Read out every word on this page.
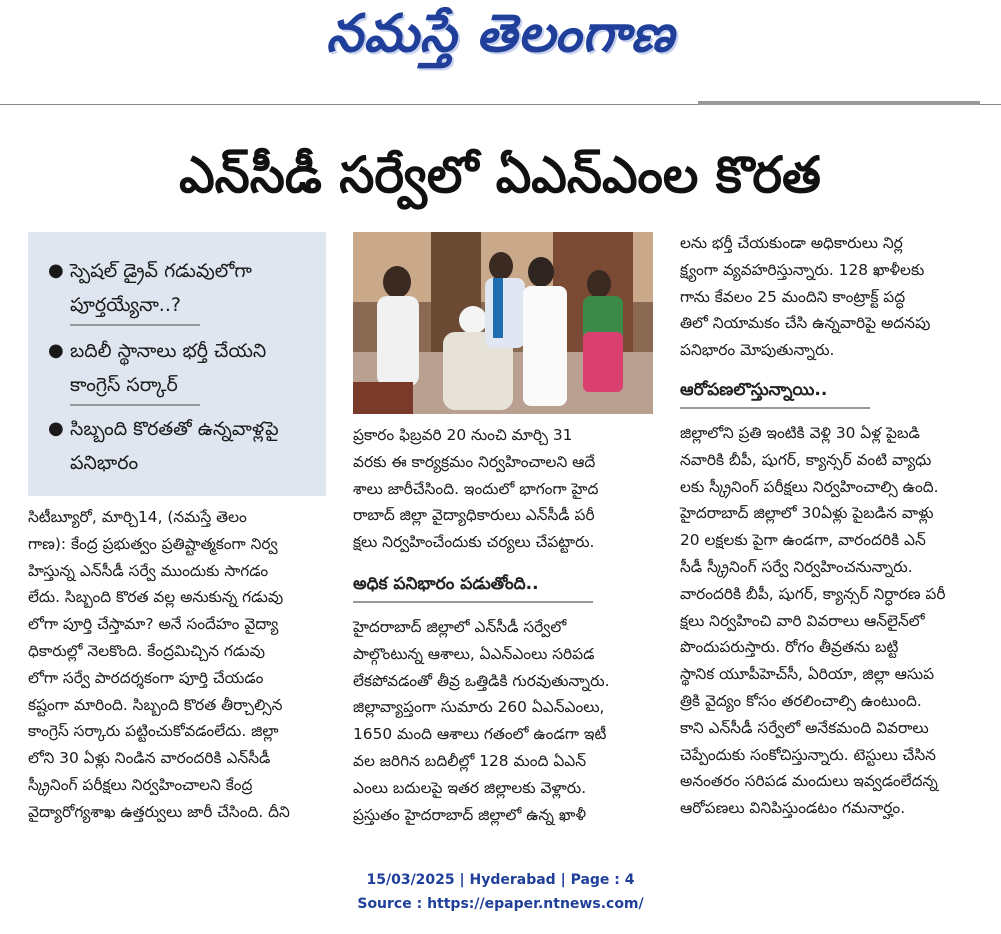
నమస్తే తెలంగాణ
ఎన్‌సీడీ సర్వేలో ఏఎన్‌ఎంల కొరత
● స్పెషల్ డ్రైవ్ గడువులోగా పూర్తయ్యేనా..?
● బదిలీ స్థానాలు భర్తీ చేయని కాంగ్రెస్ సర్కార్
● సిబ్బంది కొరతతో ఉన్నవాళ్లపై పనిభారం

సిటీబ్యూరో, మార్చి14, (నమస్తే తెలం

గాణ): కేంద్ర ప్రభుత్వం ప్రతిష్టాత్మకంగా నిర్వ

హిస్తున్న ఎన్‌సీడీ సర్వే ముందుకు సాగడం

లేదు. సిబ్బంది కొరత వల్ల అనుకున్న గడువు

లోగా పూర్తి చేస్తామా? అనే సందేహం వైద్యా

ధికారుల్లో నెలకొంది. కేంద్రమిచ్చిన గడువు

లోగా సర్వే పారదర్శకంగా పూర్తి చేయడం

కష్టంగా మారింది. సిబ్బంది కొరత తీర్చాల్సిన

కాంగ్రెస్ సర్కారు పట్టించుకోవడంలేదు. జిల్లా

లోని 30 ఏళ్లు నిండిన వారందరికి ఎన్‌సీడీ

స్క్రీనింగ్ పరీక్షలు నిర్వహించాలని కేంద్ర

వైద్యారోగ్యశాఖ ఉత్తర్వులు జారీ చేసింది. దీని

ప్రకారం ఫిబ్రవరి 20 నుంచి మార్చి 31

వరకు ఈ కార్యక్రమం నిర్వహించాలని ఆదే

శాలు జారీచేసింది. ఇందులో భాగంగా హైద

రాబాద్ జిల్లా వైద్యాధికారులు ఎన్‌సీడీ పరీ

క్షలు నిర్వహించేందుకు చర్యలు చేపట్టారు.

అధిక పనిభారం పడుతోంది..

హైదరాబాద్ జిల్లాలో ఎన్‌సీడీ సర్వేలో

పాల్గొంటున్న ఆశాలు, ఏఎన్‌ఎంలు సరిపడ

లేకపోవడంతో తీవ్ర ఒత్తిడికి గురవుతున్నారు.

జిల్లావ్యాప్తంగా సుమారు 260 ఏఎన్‌ఎంలు,

1650 మంది ఆశాలు గతంలో ఉండగా ఇటీ

వల జరిగిన బదిలీల్లో 128 మంది ఏఎన్

ఎంలు బదులపై ఇతర జిల్లాలకు వెళ్లారు.

ప్రస్తుతం హైదరాబాద్ జిల్లాలో ఉన్న ఖాళీ

లను భర్తీ చేయకుండా అధికారులు నిర్ల

క్ష్యంగా వ్యవహరిస్తున్నారు. 128 ఖాళీలకు

గాను కేవలం 25 మందిని కాంట్రాక్ట్ పద్ధ

తిలో నియామకం చేసి ఉన్నవారిపై అదనపు

పనిభారం మోపుతున్నారు.

ఆరోపణలొస్తున్నాయి..

జిల్లాలోని ప్రతి ఇంటికి వెళ్లి 30 ఏళ్ల పైబడి

నవారికి బీపీ, షుగర్, క్యాన్సర్ వంటి వ్యాధు

లకు స్క్రీనింగ్ పరీక్షలు నిర్వహించాల్సి ఉంది.

హైదరాబాద్ జిల్లాలో 30ఏళ్లు పైబడిన వాళ్లు

20 లక్షలకు పైగా ఉండగా, వారందరికి ఎన్

సీడీ స్క్రీనింగ్ సర్వే నిర్వహించనున్నారు.

వారందరికి బీపీ, షుగర్, క్యాన్సర్ నిర్ధారణ పరీ

క్షలు నిర్వహించి వారి వివరాలు ఆన్‌లైన్‌లో

పొందుపరుస్తారు. రోగం తీవ్రతను బట్టి

స్థానిక యూపీహెచ్‌సీ, ఏరియా, జిల్లా ఆసుప

త్రికి వైద్యం కోసం తరలించాల్సి ఉంటుంది.

కాని ఎన్‌సీడీ సర్వేలో అనేకమంది వివరాలు

చెప్పేందుకు సంకోచిస్తున్నారు. టెస్టులు చేసిన

అనంతరం సరిపడ మందులు ఇవ్వడంలేదన్న

ఆరోపణలు వినిపిస్తుండటం గమనార్హం.

15/03/2025 | Hyderabad | Page : 4
Source : https://epaper.ntnews.com/
